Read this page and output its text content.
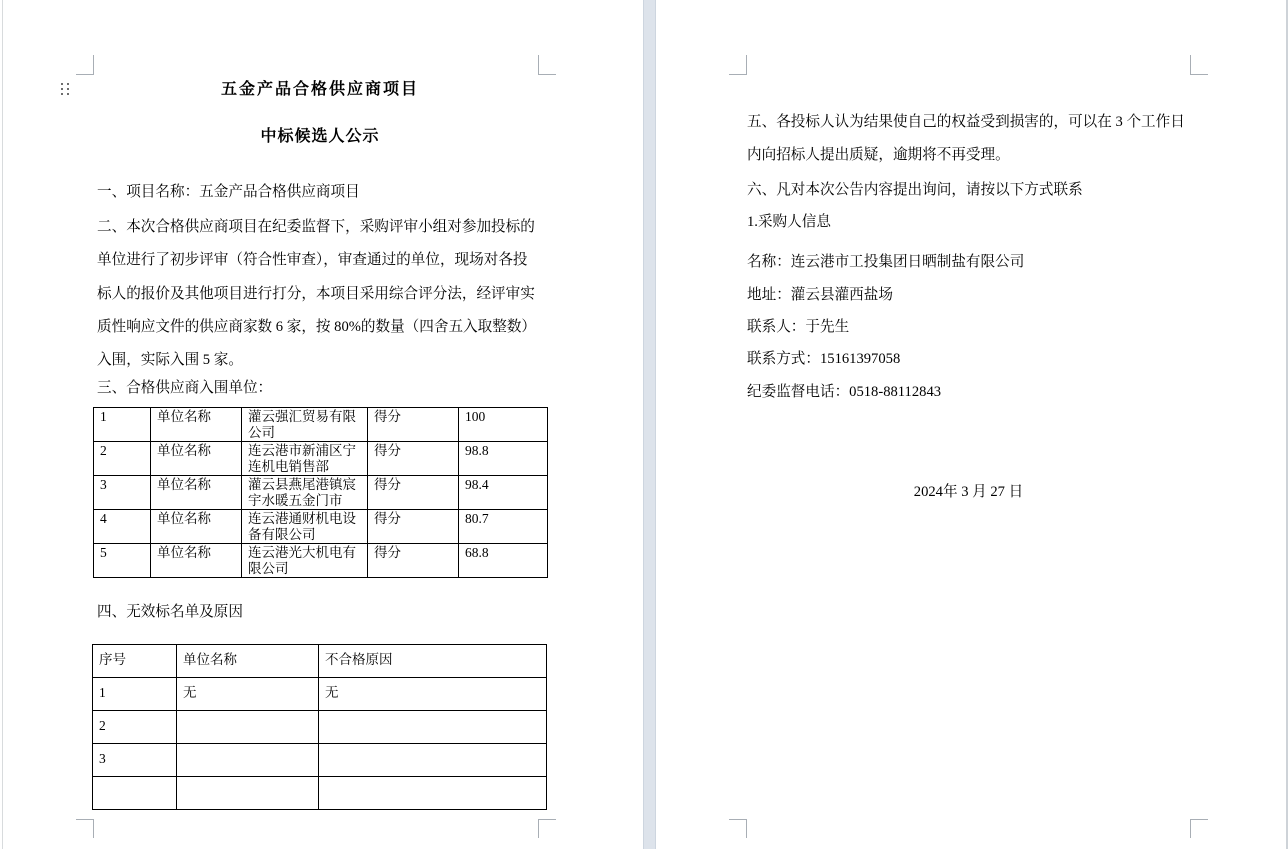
五金产品合格供应商项目
中标候选人公示
一、项目名称：五金产品合格供应商项目
二、本次合格供应商项目在纪委监督下，采购评审小组对参加投标的
单位进行了初步评审（符合性审查），审查通过的单位，现场对各投
标人的报价及其他项目进行打分，本项目采用综合评分法，经评审实
质性响应文件的供应商家数 6 家，按 80%的数量（四舍五入取整数）
入围，实际入围 5 家。
三、合格供应商入围单位：
1	单位名称	灌云强汇贸易有限公司	得分	100
2	单位名称	连云港市新浦区宁连机电销售部	得分	98.8
3	单位名称	灌云县燕尾港镇宸宇水暖五金门市	得分	98.4
4	单位名称	连云港通财机电设备有限公司	得分	80.7
5	单位名称	连云港光大机电有限公司	得分	68.8
四、无效标名单及原因
序号	单位名称	不合格原因
1	无	无
2		
3		

五、各投标人认为结果使自己的权益受到损害的，可以在 3 个工作日
内向招标人提出质疑，逾期将不再受理。
六、凡对本次公告内容提出询问，请按以下方式联系
1.采购人信息
名称：连云港市工投集团日晒制盐有限公司
地址：灌云县灌西盐场
联系人：于先生
联系方式：15161397058
纪委监督电话：0518-88112843
2024年 3 月 27 日
